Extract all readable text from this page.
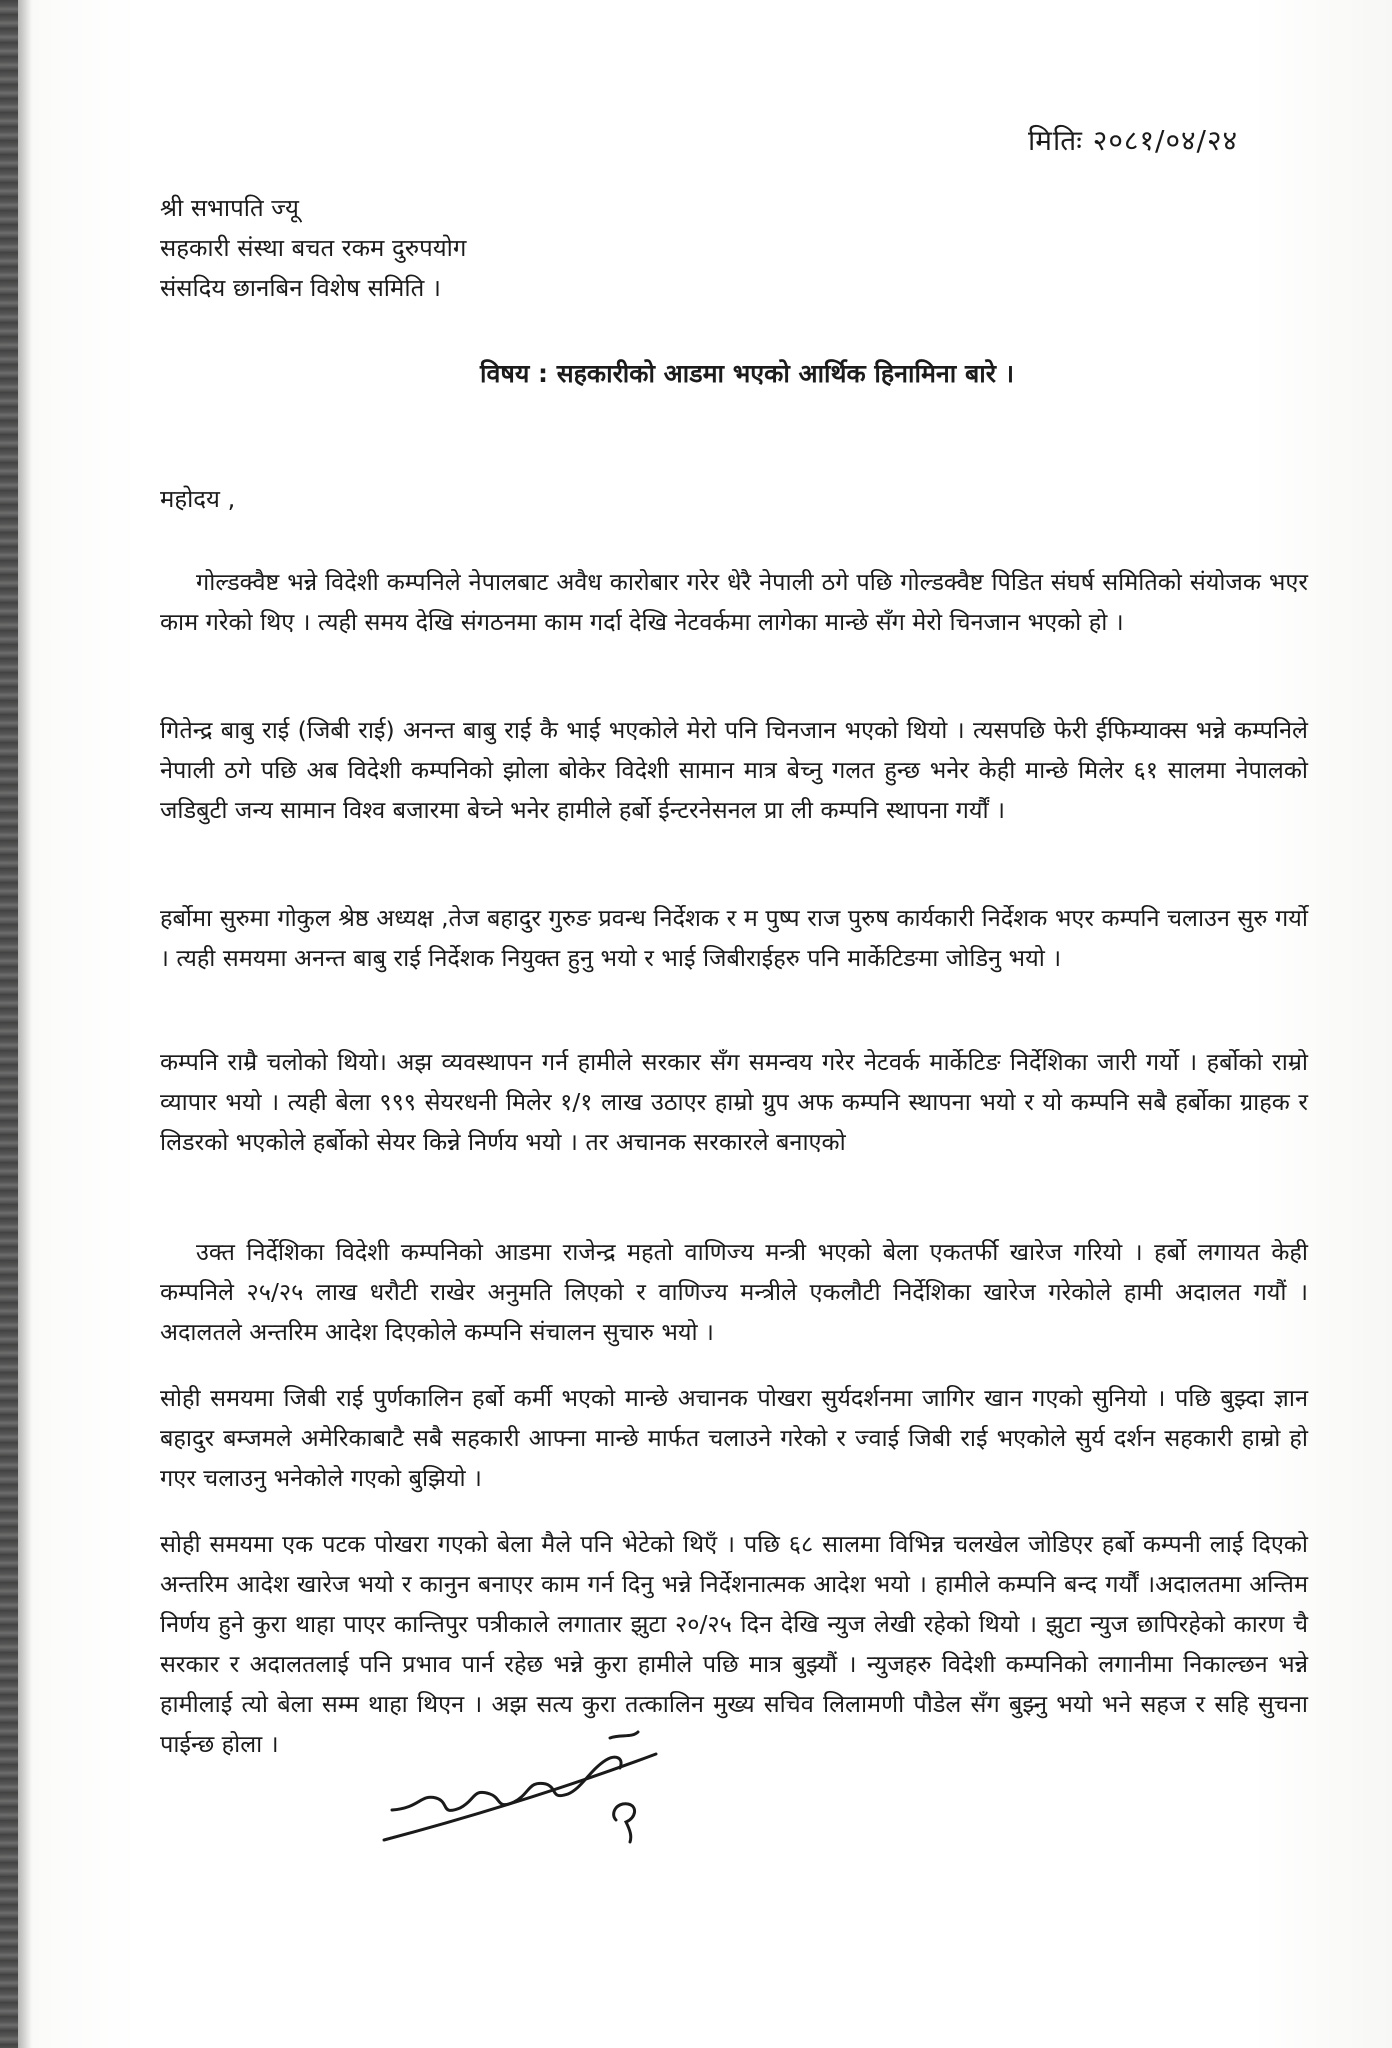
मितिः २०८१/०४/२४
श्री सभापति ज्यू
सहकारी संस्था बचत रकम दुरुपयोग
संसदिय छानबिन विशेष समिति ।
विषय : सहकारीको आडमा भएको आर्थिक हिनामिना बारे ।
महोदय ,
गोल्डक्वैष्ट भन्ने विदेशी कम्पनिले नेपालबाट अवैध कारोबार गरेर धेरै नेपाली ठगे पछि गोल्डक्वैष्ट पिडित संघर्ष समितिको संयोजक भएर काम गरेको थिए । त्यही समय देखि संगठनमा काम गर्दा देखि नेटवर्कमा लागेका मान्छे सँग मेरो चिनजान भएको हो ।
गितेन्द्र बाबु राई (जिबी राई) अनन्त बाबु राई कै भाई भएकोले मेरो पनि चिनजान भएको थियो । त्यसपछि फेरी ईफिम्याक्स भन्ने कम्पनिले नेपाली ठगे पछि अब विदेशी कम्पनिको झोला बोकेर विदेशी सामान मात्र बेच्नु गलत हुन्छ भनेर केही मान्छे मिलेर ६१ सालमा नेपालको जडिबुटी जन्य सामान विश्व बजारमा बेच्ने भनेर हामीले हर्बो ईन्टरनेसनल प्रा ली कम्पनि स्थापना गर्यौं ।
हर्बोमा सुरुमा गोकुल श्रेष्ठ अध्यक्ष ,तेज बहादुर गुरुङ प्रवन्ध निर्देशक र म पुष्प राज पुरुष कार्यकारी निर्देशक भएर कम्पनि चलाउन सुरु गर्यो । त्यही समयमा अनन्त बाबु राई निर्देशक नियुक्त हुनु भयो र भाई जिबीराईहरु पनि मार्केटिङमा जोडिनु भयो ।
कम्पनि राम्रै चलोको थियो। अझ व्यवस्थापन गर्न हामीले सरकार सँग समन्वय गरेर नेटवर्क मार्केटिङ निर्देशिका जारी गर्यो । हर्बोको राम्रो व्यापार भयो । त्यही बेला ९९९ सेयरधनी मिलेर १/१ लाख उठाएर हाम्रो ग्रुप अफ कम्पनि स्थापना भयो र यो कम्पनि सबै हर्बोका ग्राहक र लिडरको भएकोले हर्बोको सेयर किन्ने निर्णय भयो । तर अचानक सरकारले बनाएको
उक्त निर्देशिका विदेशी कम्पनिको आडमा राजेन्द्र महतो वाणिज्य मन्त्री भएको बेला एकतर्फी खारेज गरियो । हर्बो लगायत केही कम्पनिले २५/२५ लाख धरौटी राखेर अनुमति लिएको र वाणिज्य मन्त्रीले एकलौटी निर्देशिका खारेज गरेकोले हामी अदालत गयौं । अदालतले अन्तरिम आदेश दिएकोले कम्पनि संचालन सुचारु भयो ।
सोही समयमा जिबी राई पुर्णकालिन हर्बो कर्मी भएको मान्छे अचानक पोखरा सुर्यदर्शनमा जागिर खान गएको सुनियो । पछि बुझ्दा ज्ञान बहादुर बम्जमले अमेरिकाबाटै सबै सहकारी आफ्ना मान्छे मार्फत चलाउने गरेको र ज्वाई जिबी राई भएकोले सुर्य दर्शन सहकारी हाम्रो हो गएर चलाउनु भनेकोले गएको बुझियो ।
सोही समयमा एक पटक पोखरा गएको बेला मैले पनि भेटेको थिएँ । पछि ६८ सालमा विभिन्न चलखेल जोडिएर हर्बो कम्पनी लाई दिएको अन्तरिम आदेश खारेज भयो र कानुन बनाएर काम गर्न दिनु भन्ने निर्देशनात्मक आदेश भयो । हामीले कम्पनि बन्द गर्यौं ।अदालतमा अन्तिम निर्णय हुने कुरा थाहा पाएर कान्तिपुर पत्रीकाले लगातार झुटा २०/२५ दिन देखि न्युज लेखी रहेको थियो । झुटा न्युज छापिरहेको कारण चै सरकार र अदालतलाई पनि प्रभाव पार्न रहेछ भन्ने कुरा हामीले पछि मात्र बुझ्यौं । न्युजहरु विदेशी कम्पनिको लगानीमा निकाल्छन भन्ने हामीलाई त्यो बेला सम्म थाहा थिएन । अझ सत्य कुरा तत्कालिन मुख्य सचिव लिलामणी पौडेल सँग बुझ्नु भयो भने सहज र सहि सुचना पाईन्छ होला ।
